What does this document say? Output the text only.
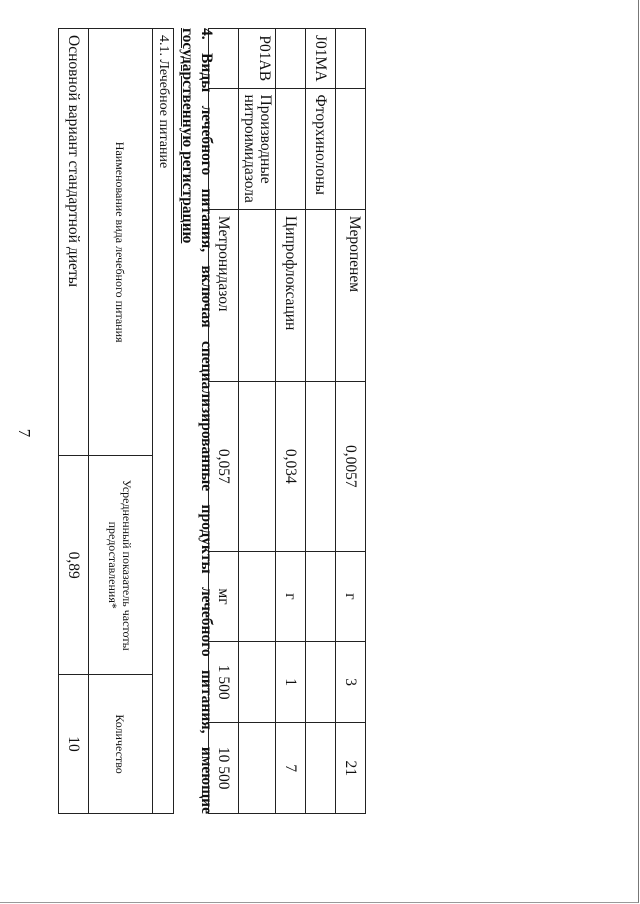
7
		Меропенем	0,0057	г	3	21
J01MA	Фторхинолоны					
		Ципрофлоксацин	0,034	г	1	7
P01AB	Производные нитроимидазола					
		Метронидазол	0,057	мг	1 500	10 500
4. Виды лечебного питания, включая специализированные продукты лечебного питания, имеющие
государственную регистрацию
4.1. Лечебное питание		
Наименование вида лечебного питания	Усредненный показатель частоты предоставления*	Количество
Основной вариант стандартной диеты	0,89	10
